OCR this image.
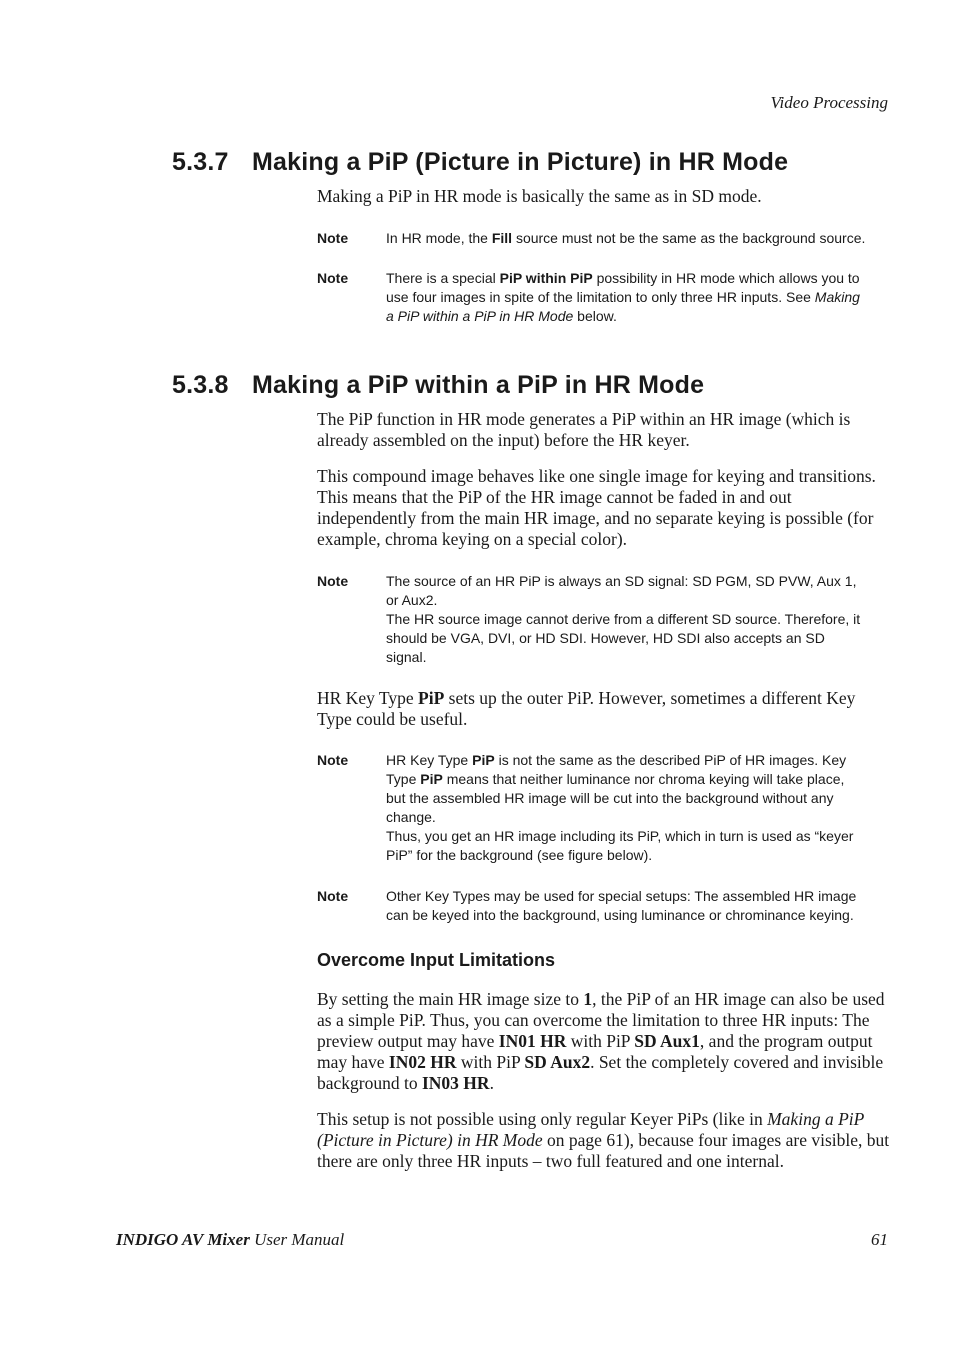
Video Processing
5.3.7 Making a PiP (Picture in Picture) in HR Mode
Making a PiP in HR mode is basically the same as in SD mode.
Note	In HR mode, the Fill source must not be the same as the background source.
Note	There is a special PiP within PiP possibility in HR mode which allows you to use four images in spite of the limitation to only three HR inputs. See Making a PiP within a PiP in HR Mode below.
5.3.8 Making a PiP within a PiP in HR Mode
The PiP function in HR mode generates a PiP within an HR image (which is already assembled on the input) before the HR keyer.
This compound image behaves like one single image for keying and transitions. This means that the PiP of the HR image cannot be faded in and out independently from the main HR image, and no separate keying is possible (for example, chroma keying on a special color).
Note	The source of an HR PiP is always an SD signal: SD PGM, SD PVW, Aux 1, or Aux2.
The HR source image cannot derive from a different SD source. Therefore, it should be VGA, DVI, or HD SDI. However, HD SDI also accepts an SD signal.
HR Key Type PiP sets up the outer PiP. However, sometimes a different Key Type could be useful.
Note	HR Key Type PiP is not the same as the described PiP of HR images. Key Type PiP means that neither luminance nor chroma keying will take place, but the assembled HR image will be cut into the background without any change.
Thus, you get an HR image including its PiP, which in turn is used as “keyer PiP” for the background (see figure below).
Note	Other Key Types may be used for special setups: The assembled HR image can be keyed into the background, using luminance or chrominance keying.
Overcome Input Limitations
By setting the main HR image size to 1, the PiP of an HR image can also be used as a simple PiP. Thus, you can overcome the limitation to three HR inputs: The preview output may have IN01 HR with PiP SD Aux1, and the program output may have IN02 HR with PiP SD Aux2. Set the completely covered and invisible background to IN03 HR.
This setup is not possible using only regular Keyer PiPs (like in Making a PiP (Picture in Picture) in HR Mode on page 61), because four images are visible, but there are only three HR inputs – two full featured and one internal.
INDIGO AV Mixer User Manual	61
